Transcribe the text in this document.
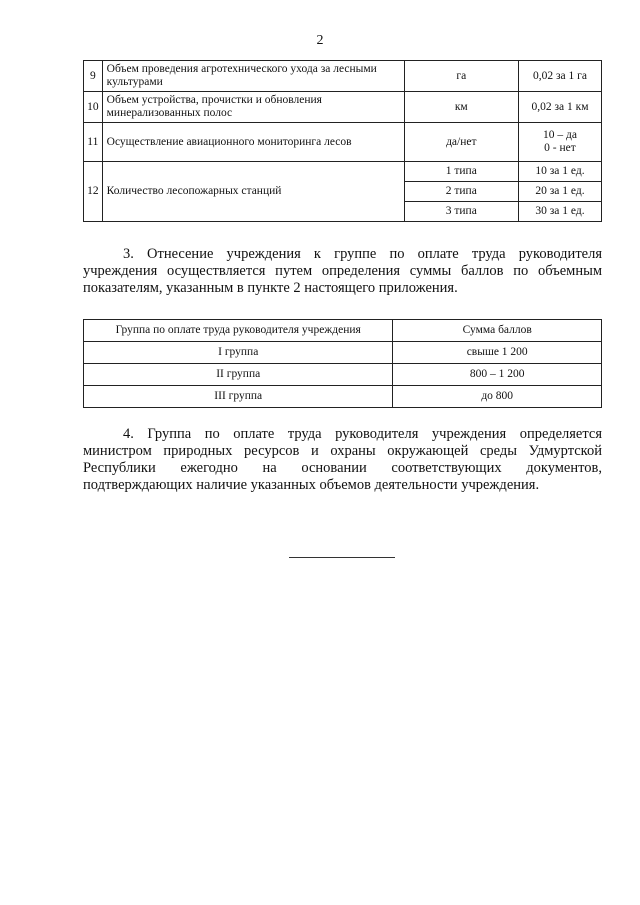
2
9	Объем проведения агротехнического ухода за лесными культурами	га	0,02 за 1 га
10	Объем устройства, прочистки и обновления минерализованных полос	км	0,02 за 1 км
11	Осуществление авиационного мониторинга лесов	да/нет	10 – да
0 - нет
12	Количество лесопожарных станций	1 типа	10 за 1 ед.
		2 типа	20 за 1 ед.
		3 типа	30 за 1 ед.

3. Отнесение учреждения к группе по оплате труда руководителя
учреждения осуществляется путем определения суммы баллов по объемным
показателям, указанным в пункте 2 настоящего приложения.

Группа по оплате труда руководителя учреждения	Сумма баллов
I группа	свыше 1 200
II группа	800 – 1 200
III группа	до 800

4. Группа по оплате труда руководителя учреждения определяется
министром природных ресурсов и охраны окружающей среды Удмуртской
Республики ежегодно на основании соответствующих документов,
подтверждающих наличие указанных объемов деятельности учреждения.
